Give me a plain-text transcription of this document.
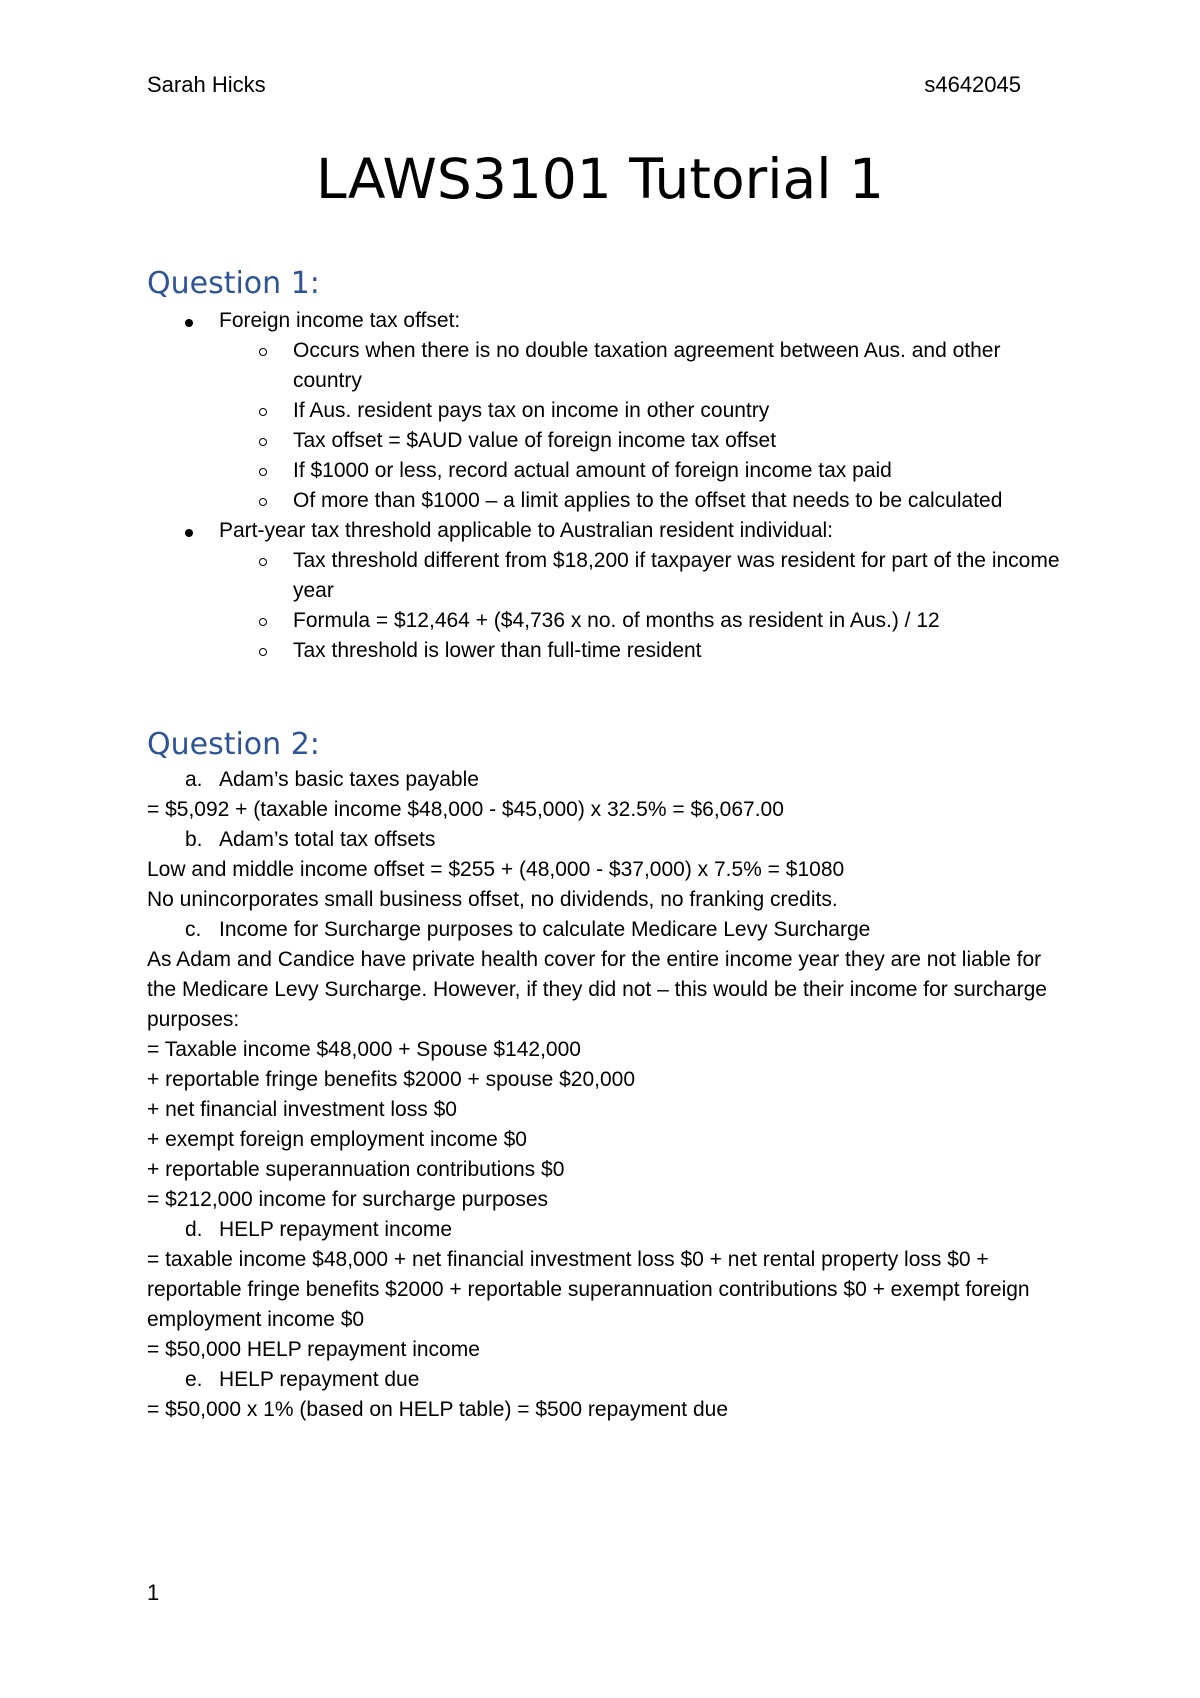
Sarah Hicks	s4642045
LAWS3101 Tutorial 1
Question 1:
Foreign income tax offset:
Occurs when there is no double taxation agreement between Aus. and other country
If Aus. resident pays tax on income in other country
Tax offset = $AUD value of foreign income tax offset
If $1000 or less, record actual amount of foreign income tax paid
Of more than $1000 – a limit applies to the offset that needs to be calculated
Part-year tax threshold applicable to Australian resident individual:
Tax threshold different from $18,200 if taxpayer was resident for part of the income year
Formula = $12,464 + ($4,736 x no. of months as resident in Aus.) / 12
Tax threshold is lower than full-time resident
Question 2:
a. Adam’s basic taxes payable
= $5,092 + (taxable income $48,000 - $45,000) x 32.5% = $6,067.00
b. Adam’s total tax offsets
Low and middle income offset = $255 + (48,000 - $37,000) x 7.5% = $1080
No unincorporates small business offset, no dividends, no franking credits.
c. Income for Surcharge purposes to calculate Medicare Levy Surcharge
As Adam and Candice have private health cover for the entire income year they are not liable for the Medicare Levy Surcharge. However, if they did not – this would be their income for surcharge purposes:
= Taxable income $48,000 + Spouse $142,000
+ reportable fringe benefits $2000 + spouse $20,000
+ net financial investment loss $0
+ exempt foreign employment income $0
+ reportable superannuation contributions $0
= $212,000 income for surcharge purposes
d. HELP repayment income
= taxable income $48,000 + net financial investment loss $0 + net rental property loss $0 + reportable fringe benefits $2000 + reportable superannuation contributions $0 + exempt foreign employment income $0
= $50,000 HELP repayment income
e. HELP repayment due
= $50,000 x 1% (based on HELP table) = $500 repayment due
1
